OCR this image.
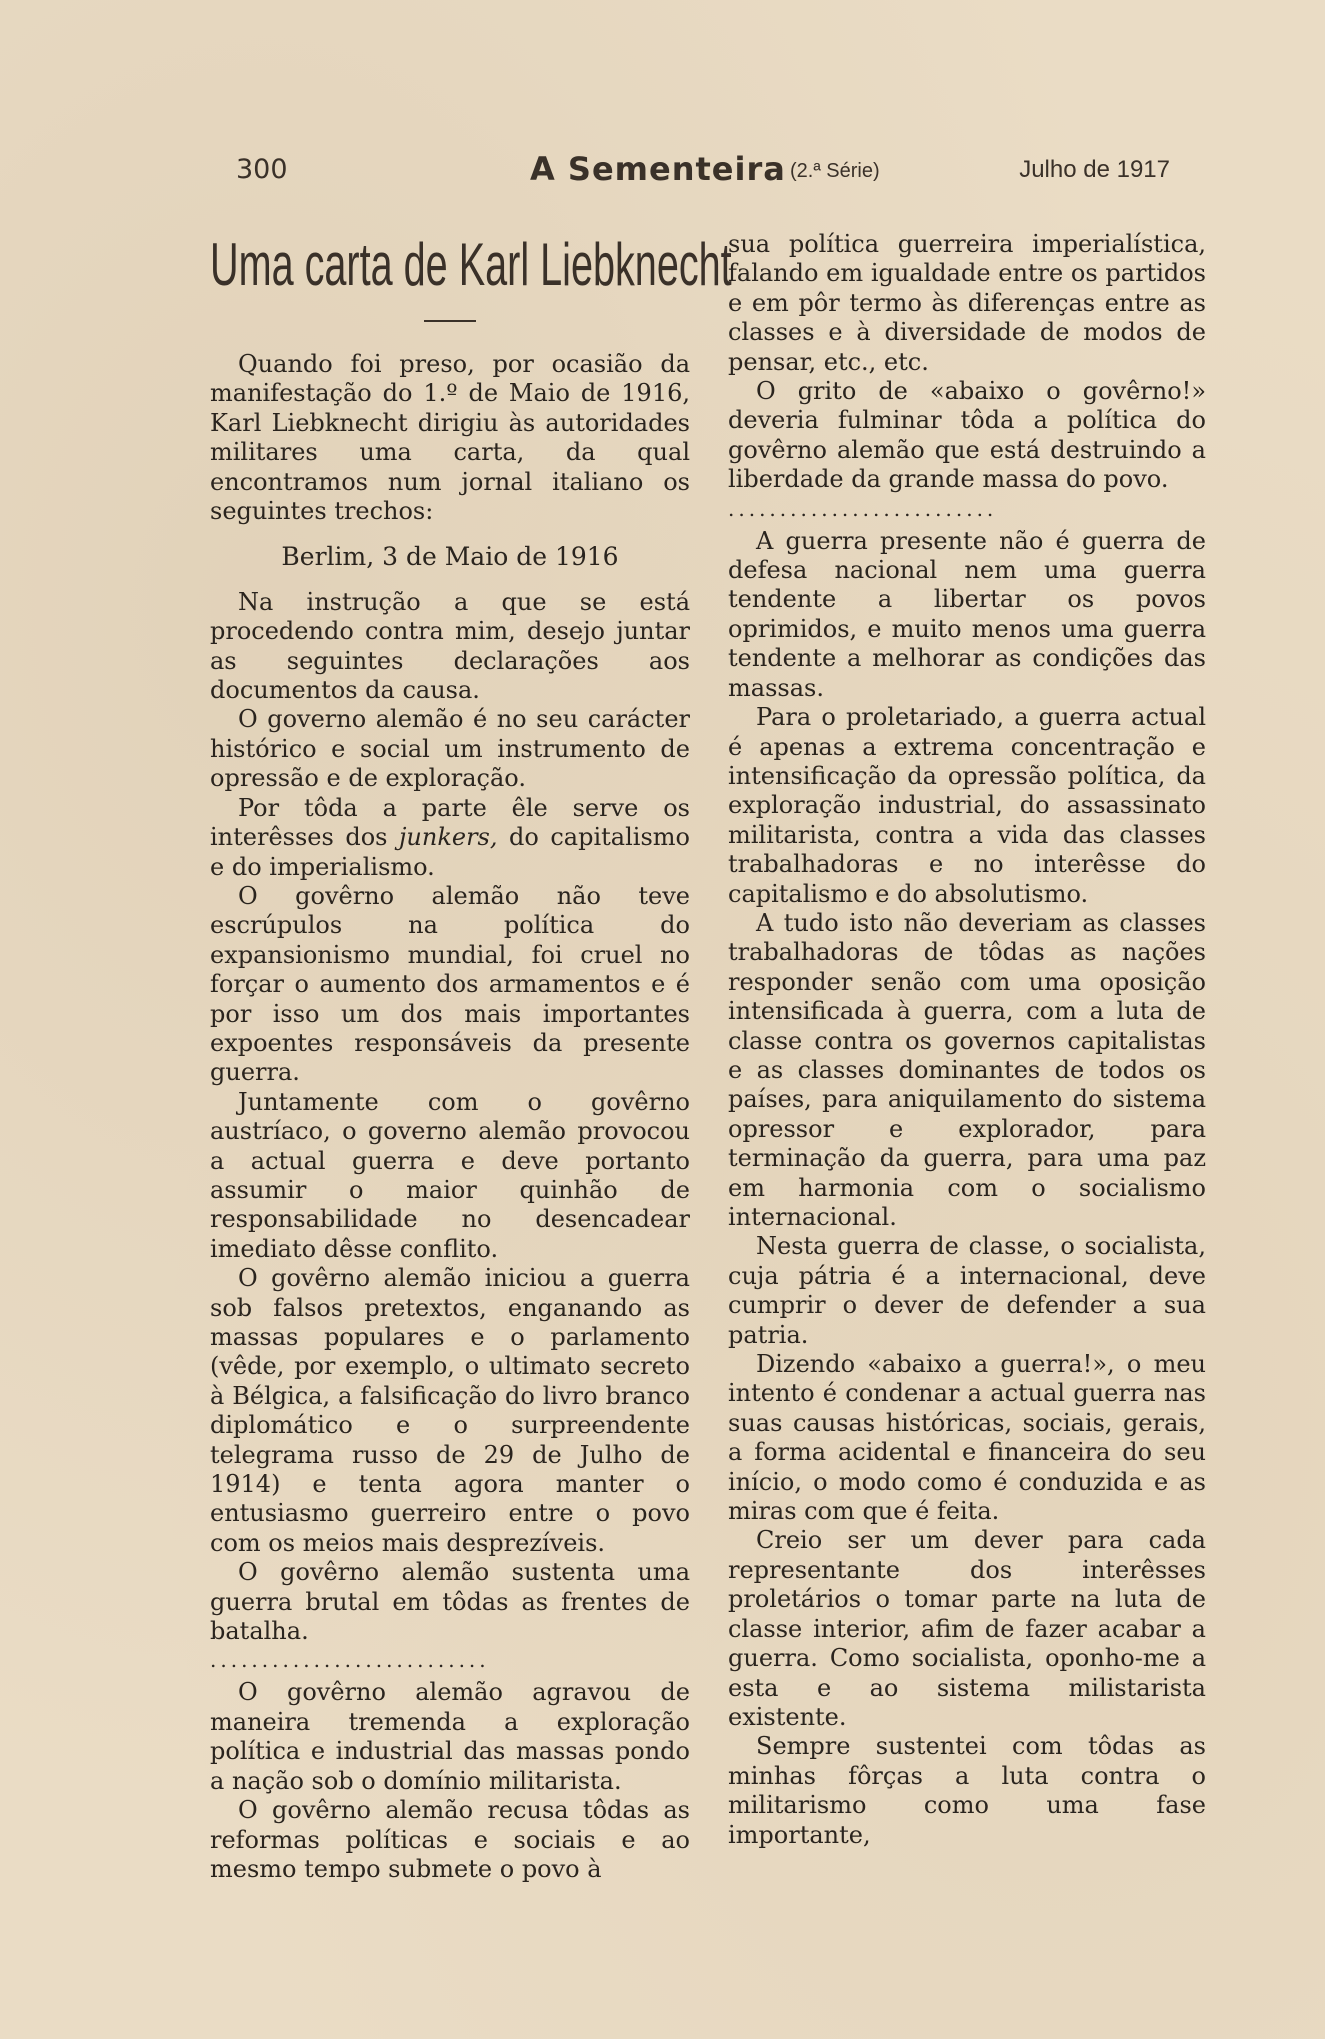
300	A Sementeira (2.ª Série)	Julho de 1917
Uma carta de Karl Liebknecht

Quando foi preso, por ocasião da manifestação do 1.º de Maio de 1916, Karl Liebknecht dirigiu às autoridades militares uma carta, da qual encontramos num jornal italiano os seguintes trechos:

Berlim, 3 de Maio de 1916

Na instrução a que se está procedendo contra mim, desejo juntar as seguintes declarações aos documentos da causa.

O governo alemão é no seu carácter histórico e social um instrumento de opressão e de exploração.

Por tôda a parte êle serve os interêsses dos junkers, do capitalismo e do imperialismo.

O govêrno alemão não teve escrúpulos na política do expansionismo mundial, foi cruel no forçar o aumento dos armamentos e é por isso um dos mais importantes expoentes responsáveis da presente guerra.

Juntamente com o govêrno austríaco, o governo alemão provocou a actual guerra e deve portanto assumir o maior quinhão de responsabilidade no desencadear imediato dêsse conflito.

O govêrno alemão iniciou a guerra sob falsos pretextos, enganando as massas populares e o parlamento (vêde, por exemplo, o ultimato secreto à Bélgica, a falsificação do livro branco diplomático e o surpreendente telegrama russo de 29 de Julho de 1914) e tenta agora manter o entusiasmo guerreiro entre o povo com os meios mais desprezíveis.

O govêrno alemão sustenta uma guerra brutal em tôdas as frentes de batalha.

...........................

O govêrno alemão agravou de maneira tremenda a exploração política e industrial das massas pondo a nação sob o domínio militarista.

O govêrno alemão recusa tôdas as reformas políticas e sociais e ao mesmo tempo submete o povo à

sua política guerreira imperialística, falando em igualdade entre os partidos e em pôr termo às diferenças entre as classes e à diversidade de modos de pensar, etc., etc.

O grito de «abaixo o govêrno!» deveria fulminar tôda a política do govêrno alemão que está destruindo a liberdade da grande massa do povo.

..........................

A guerra presente não é guerra de defesa nacional nem uma guerra tendente a libertar os povos oprimidos, e muito menos uma guerra tendente a melhorar as condições das massas.

Para o proletariado, a guerra actual é apenas a extrema concentração e intensificação da opressão política, da exploração industrial, do assassinato militarista, contra a vida das classes trabalhadoras e no interêsse do capitalismo e do absolutismo.

A tudo isto não deveriam as classes trabalhadoras de tôdas as nações responder senão com uma oposição intensificada à guerra, com a luta de classe contra os governos capitalistas e as classes dominantes de todos os países, para aniquilamento do sistema opressor e explorador, para terminação da guerra, para uma paz em harmonia com o socialismo internacional.

Nesta guerra de classe, o socialista, cuja pátria é a internacional, deve cumprir o dever de defender a sua patria.

Dizendo «abaixo a guerra!», o meu intento é condenar a actual guerra nas suas causas históricas, sociais, gerais, a forma acidental e financeira do seu início, o modo como é conduzida e as miras com que é feita.

Creio ser um dever para cada representante dos interêsses proletários o tomar parte na luta de classe interior, afim de fazer acabar a guerra. Como socialista, oponho-me a esta e ao sistema milistarista existente.

Sempre sustentei com tôdas as minhas fôrças a luta contra o militarismo como uma fase importante,
